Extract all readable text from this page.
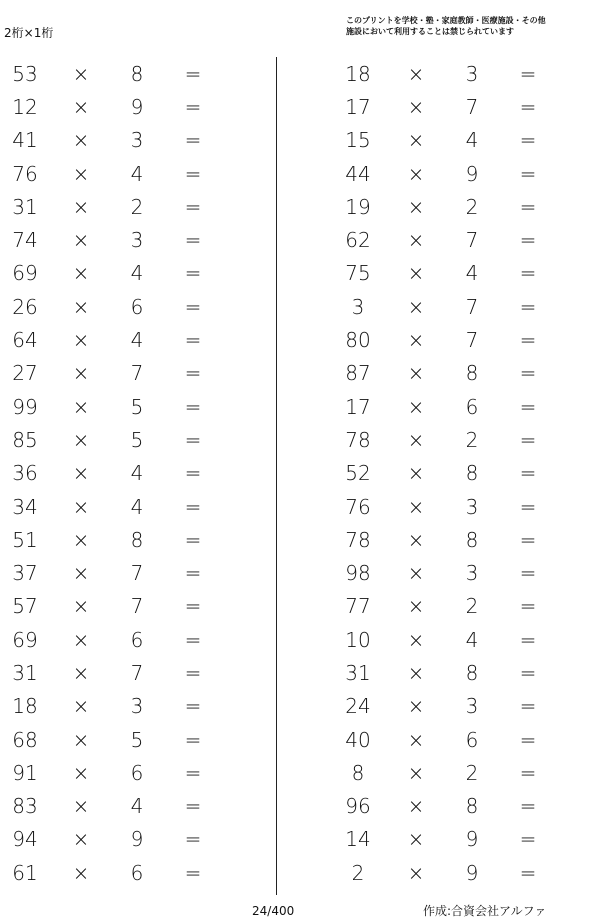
2桁×1桁
このプリントを学校・塾・家庭教師・医療施設・その他
施設において利用することは禁じられています
53	×	8	=
12	×	9	=
41	×	3	=
76	×	4	=
31	×	2	=
74	×	3	=
69	×	4	=
26	×	6	=
64	×	4	=
27	×	7	=
99	×	5	=
85	×	5	=
36	×	4	=
34	×	4	=
51	×	8	=
37	×	7	=
57	×	7	=
69	×	6	=
31	×	7	=
18	×	3	=
68	×	5	=
91	×	6	=
83	×	4	=
94	×	9	=
61	×	6	=
18	×	3	=
17	×	7	=
15	×	4	=
44	×	9	=
19	×	2	=
62	×	7	=
75	×	4	=
3	×	7	=
80	×	7	=
87	×	8	=
17	×	6	=
78	×	2	=
52	×	8	=
76	×	3	=
78	×	8	=
98	×	3	=
77	×	2	=
10	×	4	=
31	×	8	=
24	×	3	=
40	×	6	=
8	×	2	=
96	×	8	=
14	×	9	=
2	×	9	=
24/400	作成:合資会社アルファ
